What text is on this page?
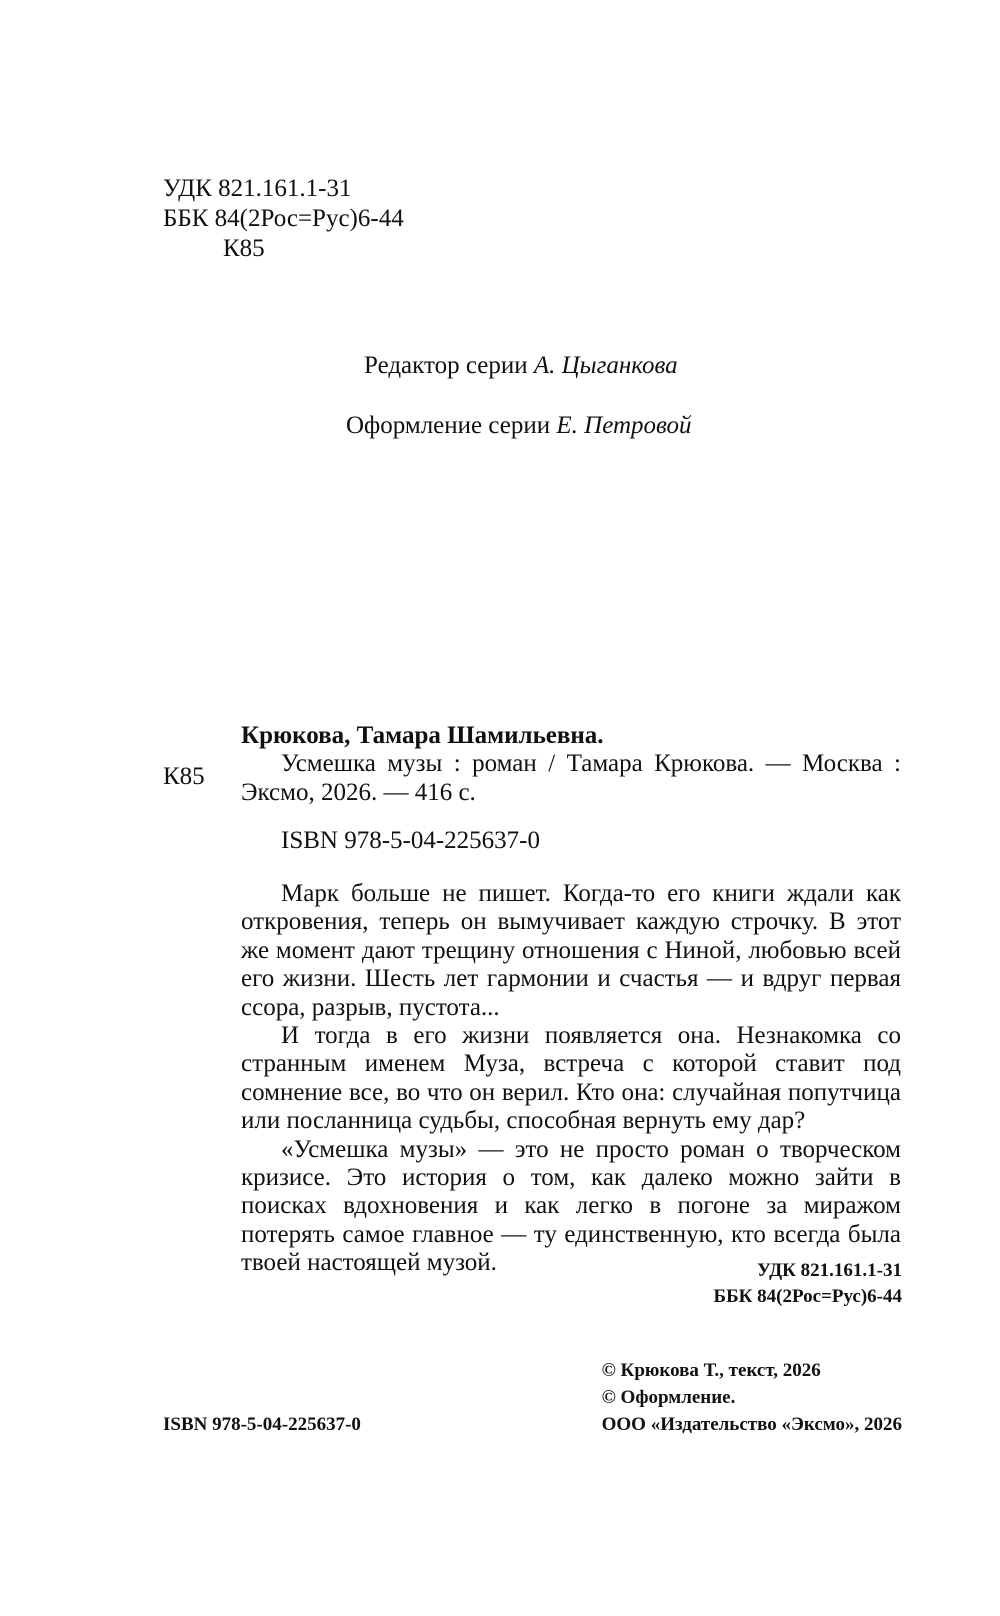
УДК 821.161.1-31
ББК 84(2Рос=Рус)6-44
К85
Редактор серии А. Цыганкова
Оформление серии Е. Петровой
К85
Крюкова, Тамара Шамильевна.

Усмешка музы : роман / Тамара Крюкова. — Москва : Эксмо, 2026. — 416 с.

ISBN 978-5-04-225637-0

Марк больше не пишет. Когда-то его книги ждали как откровения, теперь он вымучивает каждую строчку. В этот же момент дают трещину отношения с Ниной, любовью всей его жизни. Шесть лет гармонии и счастья — и вдруг первая ссора, разрыв, пустота...

И тогда в его жизни появляется она. Незнакомка со странным именем Муза, встреча с которой ставит под сомнение все, во что он верил. Кто она: случайная попутчица или посланница судьбы, способная вернуть ему дар?

«Усмешка музы» — это не просто роман о творческом кризисе. Это история о том, как далеко можно зайти в поисках вдохновения и как легко в погоне за миражом потерять самое главное — ту единственную, кто всегда была твоей настоящей музой.	УДК 821.161.1-31
ББК 84(2Рос=Рус)6-44
© Крюкова Т., текст, 2026
© Оформление.
ООО «Издательство «Эксмо», 2026
ISBN 978-5-04-225637-0
